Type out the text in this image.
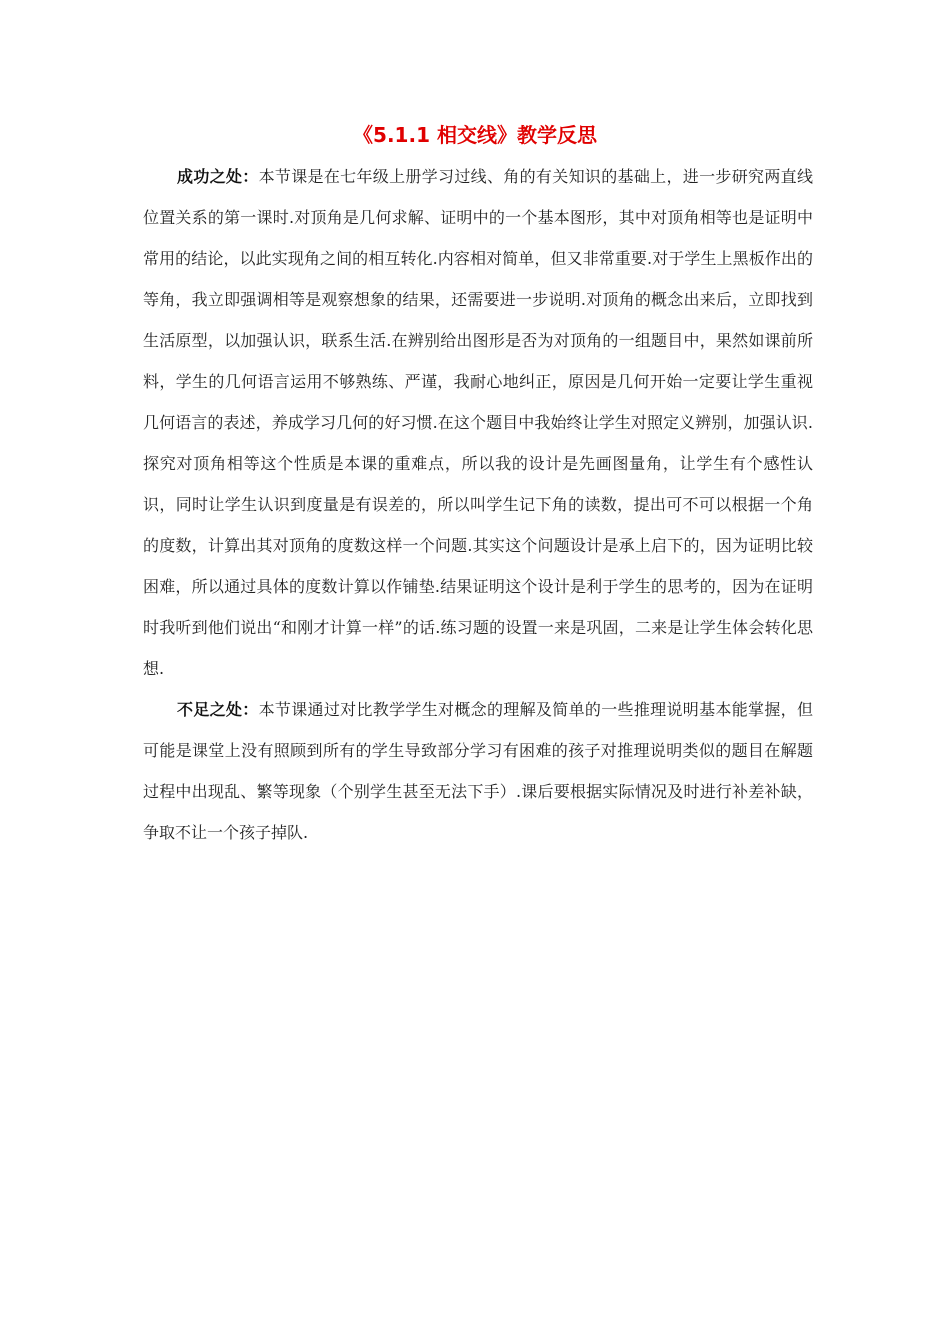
《5.1.1 相交线》教学反思

成功之处：本节课是在七年级上册学习过线、角的有关知识的基础上，进一步研究两直线位置关系的第一课时.对顶角是几何求解、证明中的一个基本图形，其中对顶角相等也是证明中常用的结论，以此实现角之间的相互转化.内容相对简单，但又非常重要.对于学生上黑板作出的等角，我立即强调相等是观察想象的结果，还需要进一步说明.对顶角的概念出来后，立即找到生活原型，以加强认识，联系生活.在辨别给出图形是否为对顶角的一组题目中，果然如课前所料，学生的几何语言运用不够熟练、严谨，我耐心地纠正，原因是几何开始一定要让学生重视几何语言的表述，养成学习几何的好习惯.在这个题目中我始终让学生对照定义辨别，加强认识.探究对顶角相等这个性质是本课的重难点，所以我的设计是先画图量角，让学生有个感性认识，同时让学生认识到度量是有误差的，所以叫学生记下角的读数，提出可不可以根据一个角的度数，计算出其对顶角的度数这样一个问题.其实这个问题设计是承上启下的，因为证明比较困难，所以通过具体的度数计算以作铺垫.结果证明这个设计是利于学生的思考的，因为在证明时我听到他们说出“和刚才计算一样”的话.练习题的设置一来是巩固，二来是让学生体会转化思想.

不足之处：本节课通过对比教学学生对概念的理解及简单的一些推理说明基本能掌握，但可能是课堂上没有照顾到所有的学生导致部分学习有困难的孩子对推理说明类似的题目在解题过程中出现乱、繁等现象（个别学生甚至无法下手）.课后要根据实际情况及时进行补差补缺，争取不让一个孩子掉队.
